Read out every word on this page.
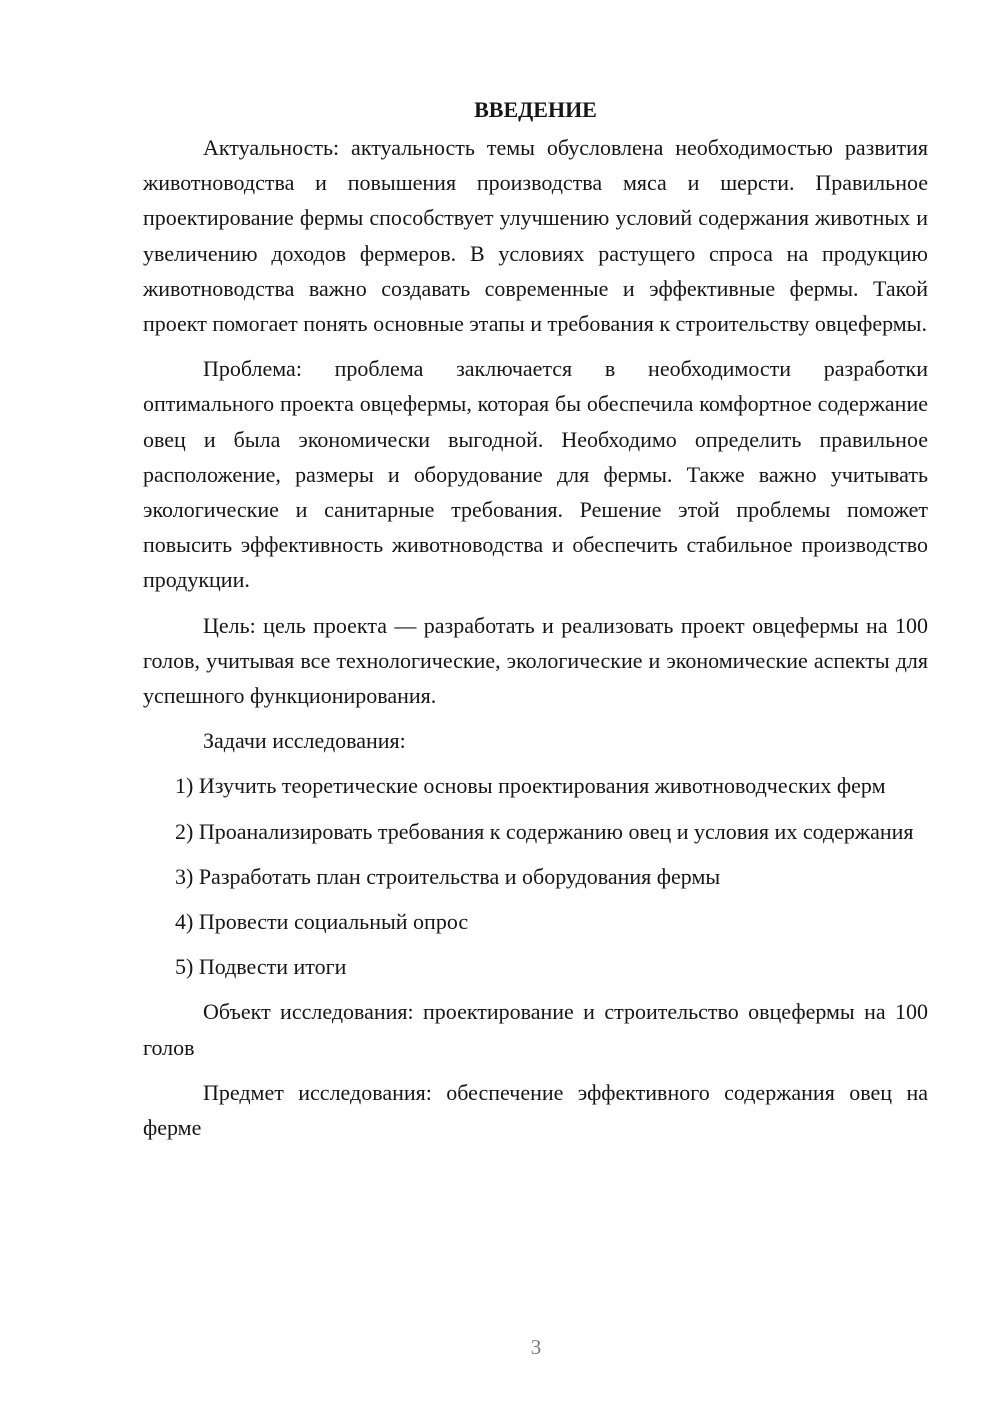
ВВЕДЕНИЕ

Актуальность: актуальность темы обусловлена необходимостью развития животноводства и повышения производства мяса и шерсти. Правильное проектирование фермы способствует улучшению условий содержания животных и увеличению доходов фермеров. В условиях растущего спроса на продукцию животноводства важно создавать современные и эффективные фермы. Такой проект помогает понять основные этапы и требования к строительству овцефермы.

Проблема: проблема заключается в необходимости разработки оптимального проекта овцефермы, которая бы обеспечила комфортное содержание овец и была экономически выгодной. Необходимо определить правильное расположение, размеры и оборудование для фермы. Также важно учитывать экологические и санитарные требования. Решение этой проблемы поможет повысить эффективность животноводства и обеспечить стабильное производство продукции.

Цель: цель проекта — разработать и реализовать проект овцефермы на 100 голов, учитывая все технологические, экологические и экономические аспекты для успешного функционирования.

Задачи исследования:

1) Изучить теоретические основы проектирования животноводческих ферм

2) Проанализировать требования к содержанию овец и условия их содержания

3) Разработать план строительства и оборудования фермы

4) Провести социальный опрос

5) Подвести итоги

Объект исследования: проектирование и строительство овцефермы на 100 голов

Предмет исследования: обеспечение эффективного содержания овец на ферме

3
